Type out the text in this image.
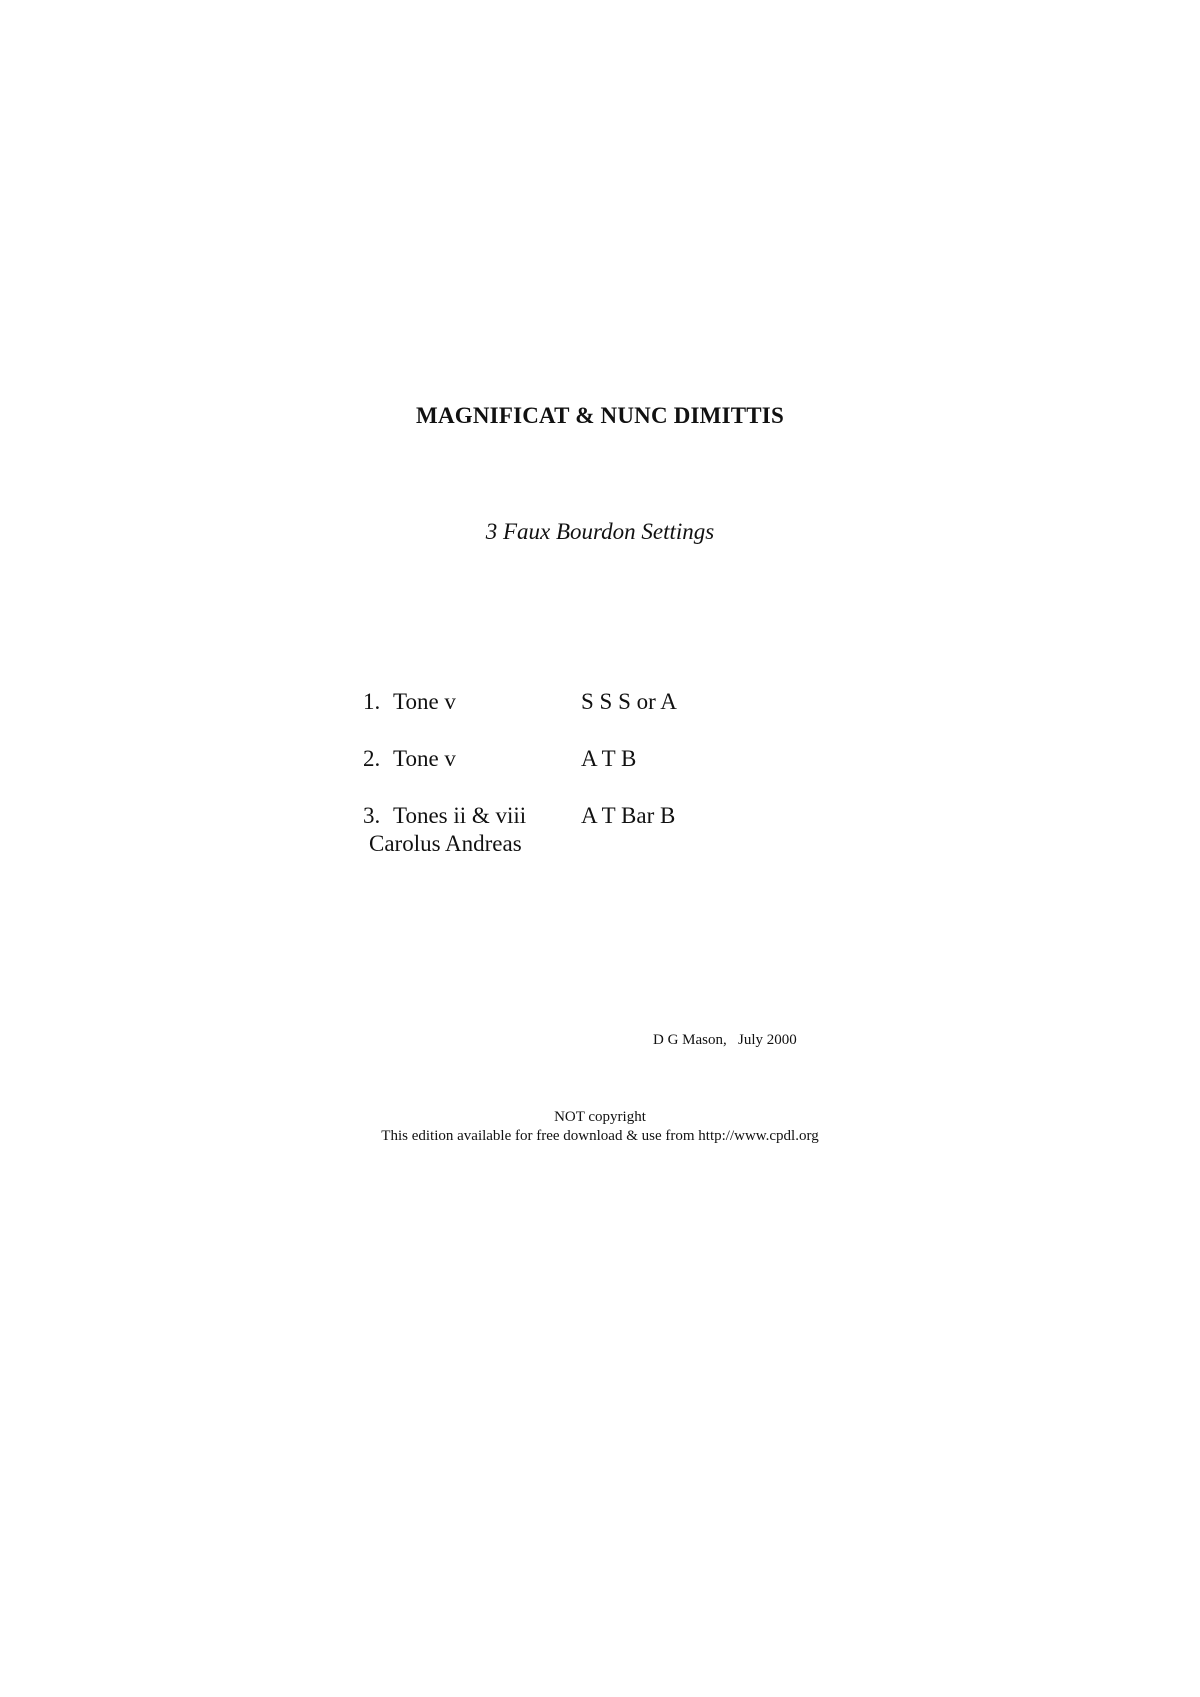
MAGNIFICAT & NUNC DIMITTIS
3 Faux Bourdon Settings
1. Tone v	S S S or A
2. Tone v	A T B
3. Tones ii & viii A T Bar B
Carolus Andreas
D G Mason,   July 2000
NOT copyright
This edition available for free download & use from http://www.cpdl.org
